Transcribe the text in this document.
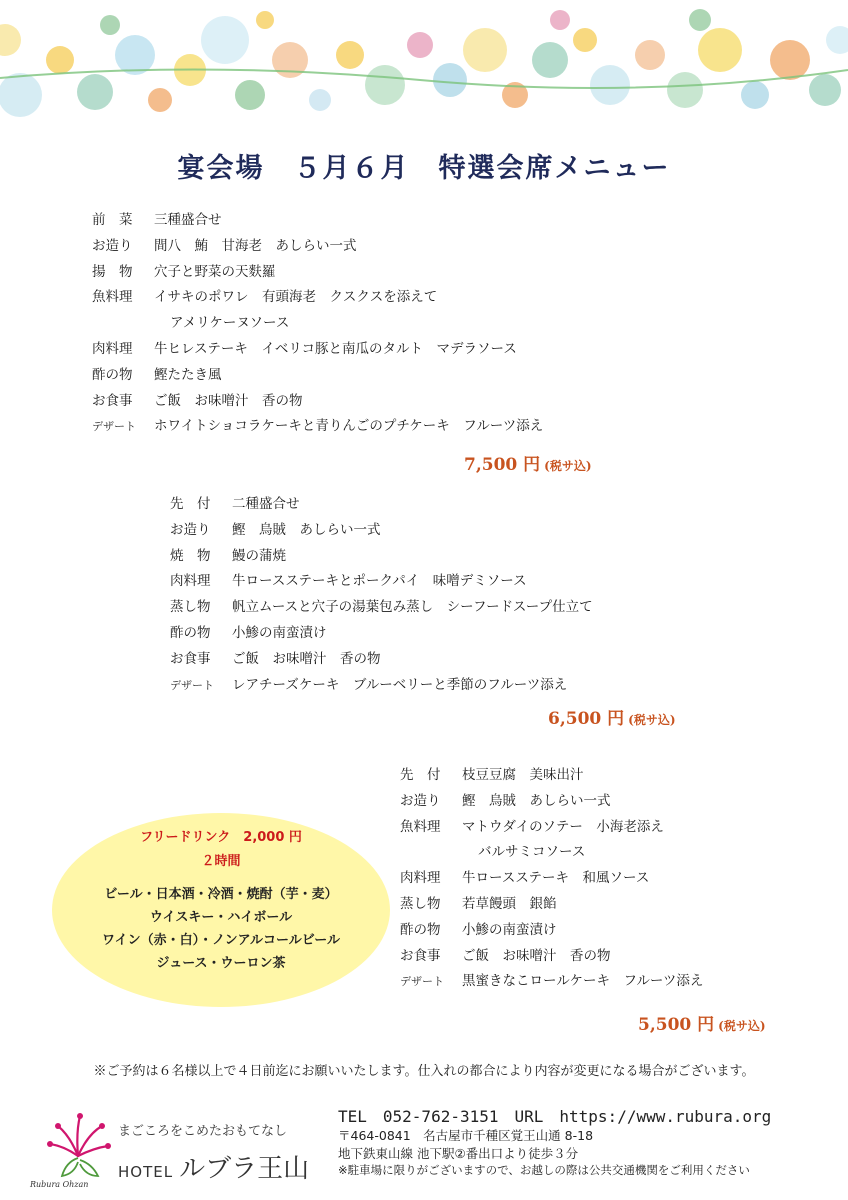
宴会場　５月６月　特選会席メニュー
前　菜 三種盛合せ
お造り 間八　鮪　甘海老　あしらい一式
揚　物 穴子と野菜の天麩羅
魚料理 イサキのポワレ　有頭海老　クスクスを添えて
アメリケーヌソース
肉料理 牛ヒレステーキ　イベリコ豚と南瓜のタルト　マデラソース
酢の物 鰹たたき風
お食事 ご飯　お味噌汁　香の物
デザート ホワイトショコラケーキと青りんごのプチケーキ　フルーツ添え
7,500 円 (税サ込)
先　付 二種盛合せ
お造り 鰹　烏賊　あしらい一式
焼　物 鰻の蒲焼
肉料理 牛ロースステーキとポークパイ　味噌デミソース
蒸し物 帆立ムースと穴子の湯葉包み蒸し　シーフードスープ仕立て
酢の物 小鯵の南蛮漬け
お食事 ご飯　お味噌汁　香の物
デザート レアチーズケーキ　ブルーベリーと季節のフルーツ添え
6,500 円 (税サ込)
先　付 枝豆豆腐　美味出汁
お造り 鰹　烏賊　あしらい一式
魚料理 マトウダイのソテー　小海老添え
バルサミコソース
肉料理 牛ロースステーキ　和風ソース
蒸し物 若草饅頭　銀餡
酢の物 小鯵の南蛮漬け
お食事 ご飯　お味噌汁　香の物
デザート 黒蜜きなこロールケーキ　フルーツ添え
5,500 円 (税サ込)
フリードリンク　2,000 円
２時間
ビール・日本酒・冷酒・焼酎（芋・麦）
ウイスキー・ハイボール
ワイン（赤・白）・ノンアルコールビール
ジュース・ウーロン茶
※ご予約は６名様以上で４日前迄にお願いいたします。仕入れの都合により内容が変更になる場合がございます。
Rubura Ohzan
まごころをこめたおもてなし
HOTEL ルブラ王山
TEL　052-762-3151　URL　https://www.rubura.org
〒464-0841　名古屋市千種区覚王山通 8-18
地下鉄東山線 池下駅②番出口より徒歩３分
※駐車場に限りがございますので、お越しの際は公共交通機関をご利用ください
